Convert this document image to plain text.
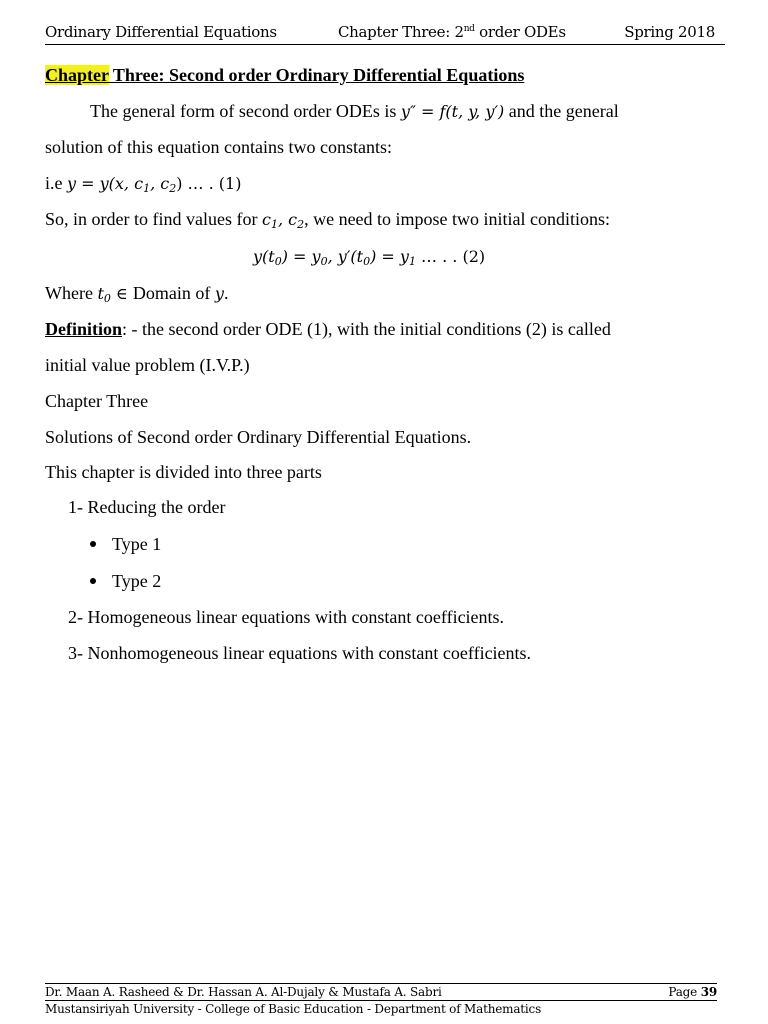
Ordinary Differential Equations	Chapter Three: 2nd order ODEs	Spring 2018
Chapter Three: Second order Ordinary Differential Equations
The general form of second order ODEs is y″ = f(t, y, y′) and the general
solution of this equation contains two constants:
i.e y = y(x, $c_1$, $c_2$) … . (1)
So, in order to find values for $c_1$, $c_2$, we need to impose two initial conditions:
$y(t_0) = y_0$, $y'(t_0) = y_1$ … . . (2)
Where $t_0$ ∈ Domain of y.
Definition: - the second order ODE (1), with the initial conditions (2) is called
initial value problem (I.V.P.)
Chapter Three
Solutions of Second order Ordinary Differential Equations.
This chapter is divided into three parts
1- Reducing the order
Type 1
Type 2
2- Homogeneous linear equations with constant coefficients.
3- Nonhomogeneous linear equations with constant coefficients.
Dr. Maan A. Rasheed & Dr. Hassan A. Al-Dujaly & Mustafa A. Sabri	Page 39
Mustansiriyah University - College of Basic Education - Department of Mathematics
